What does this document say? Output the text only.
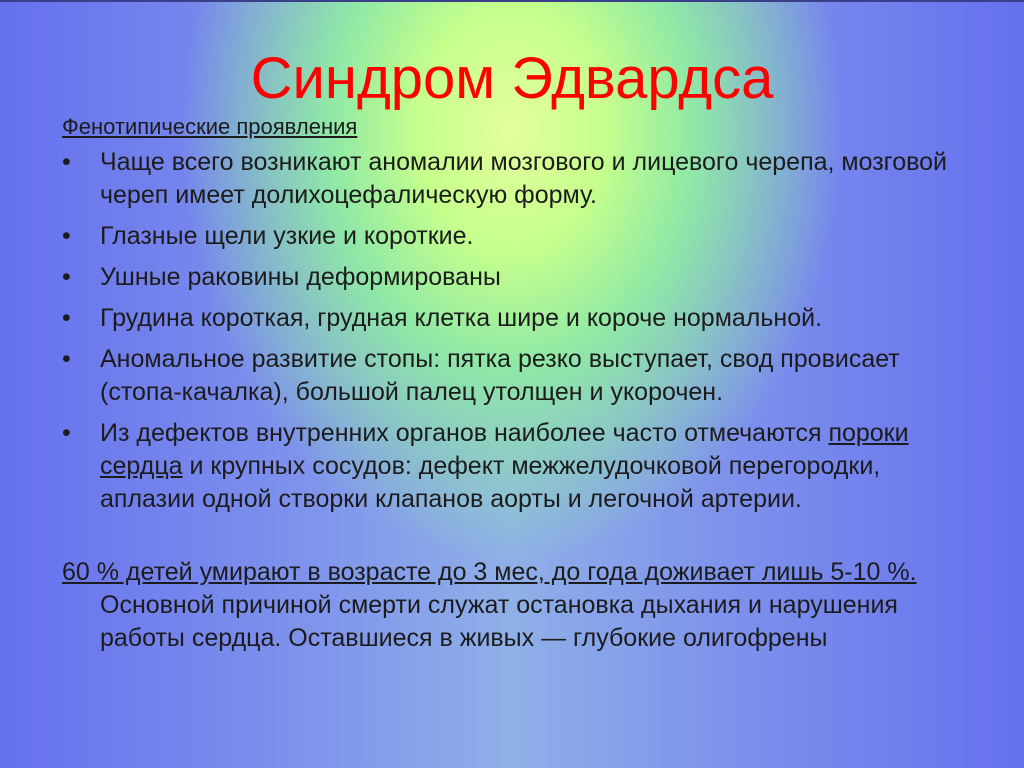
Синдром Эдвардса
Фенотипические проявления
• Чаще всего возникают аномалии мозгового и лицевого черепа, мозговой череп имеет долихоцефалическую форму.
• Глазные щели узкие и короткие.
• Ушные раковины деформированы
• Грудина короткая, грудная клетка шире и короче нормальной.
• Аномальное развитие стопы: пятка резко выступает, свод провисает (стопа-качалка), большой палец утолщен и укорочен.
• Из дефектов внутренних органов наиболее часто отмечаются пороки сердца и крупных сосудов: дефект межжелудочковой перегородки, аплазии одной створки клапанов аорты и легочной артерии.
60 % детей умирают в возрасте до 3 мес, до года доживает лишь 5-10 %. Основной причиной смерти служат остановка дыхания и нарушения работы сердца. Оставшиеся в живых — глубокие олигофрены
